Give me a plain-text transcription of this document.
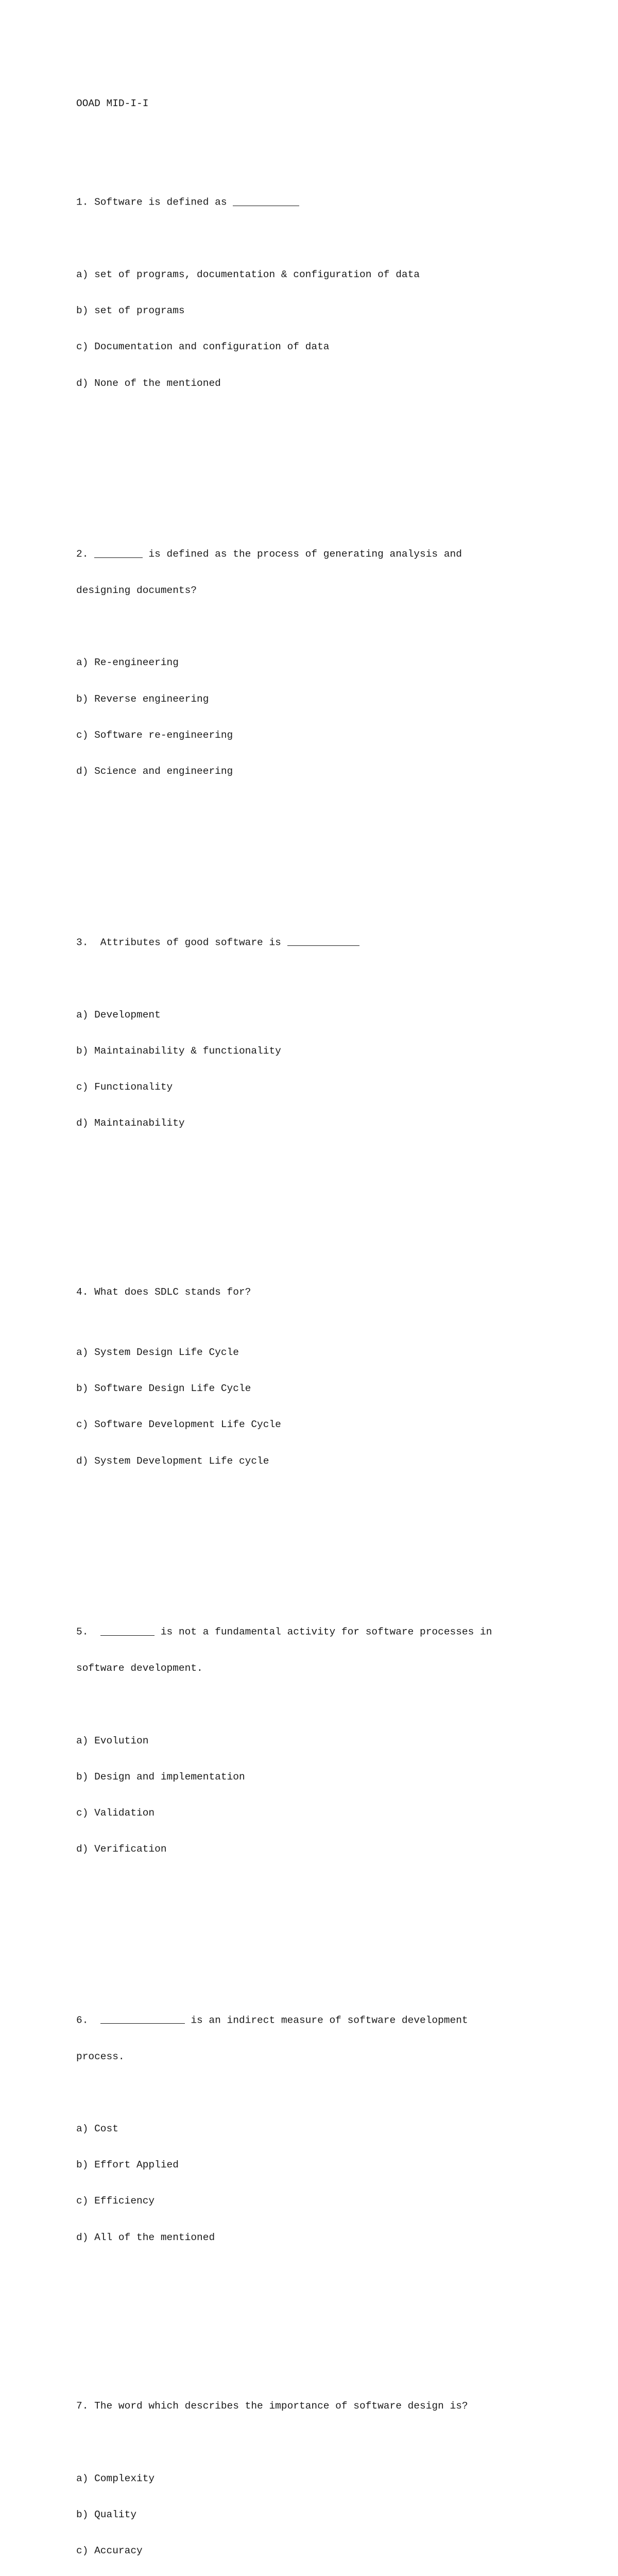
OOAD MID-I-I

1. Software is defined as

a) set of programs, documentation & configuration of data

b) set of programs

c) Documentation and configuration of data

d) None of the mentioned

2.	is defined as the process of generating analysis and

designing documents?

a) Re-engineering

b) Reverse engineering

c) Software re-engineering

d) Science and engineering

3.  Attributes of good software is

a) Development

b) Maintainability & functionality

c) Functionality

d) Maintainability

4. What does SDLC stands for?

a) System Design Life Cycle

b) Software Design Life Cycle

c) Software Development Life Cycle

d) System Development Life cycle

5.	is not a fundamental activity for software processes in

software development.

a) Evolution

b) Design and implementation

c) Validation

d) Verification

6.	is an indirect measure of software development

process.

a) Cost

b) Effort Applied

c) Efficiency

d) All of the mentioned

7. The word which describes the importance of software design is?

a) Complexity

b) Quality

c) Accuracy
